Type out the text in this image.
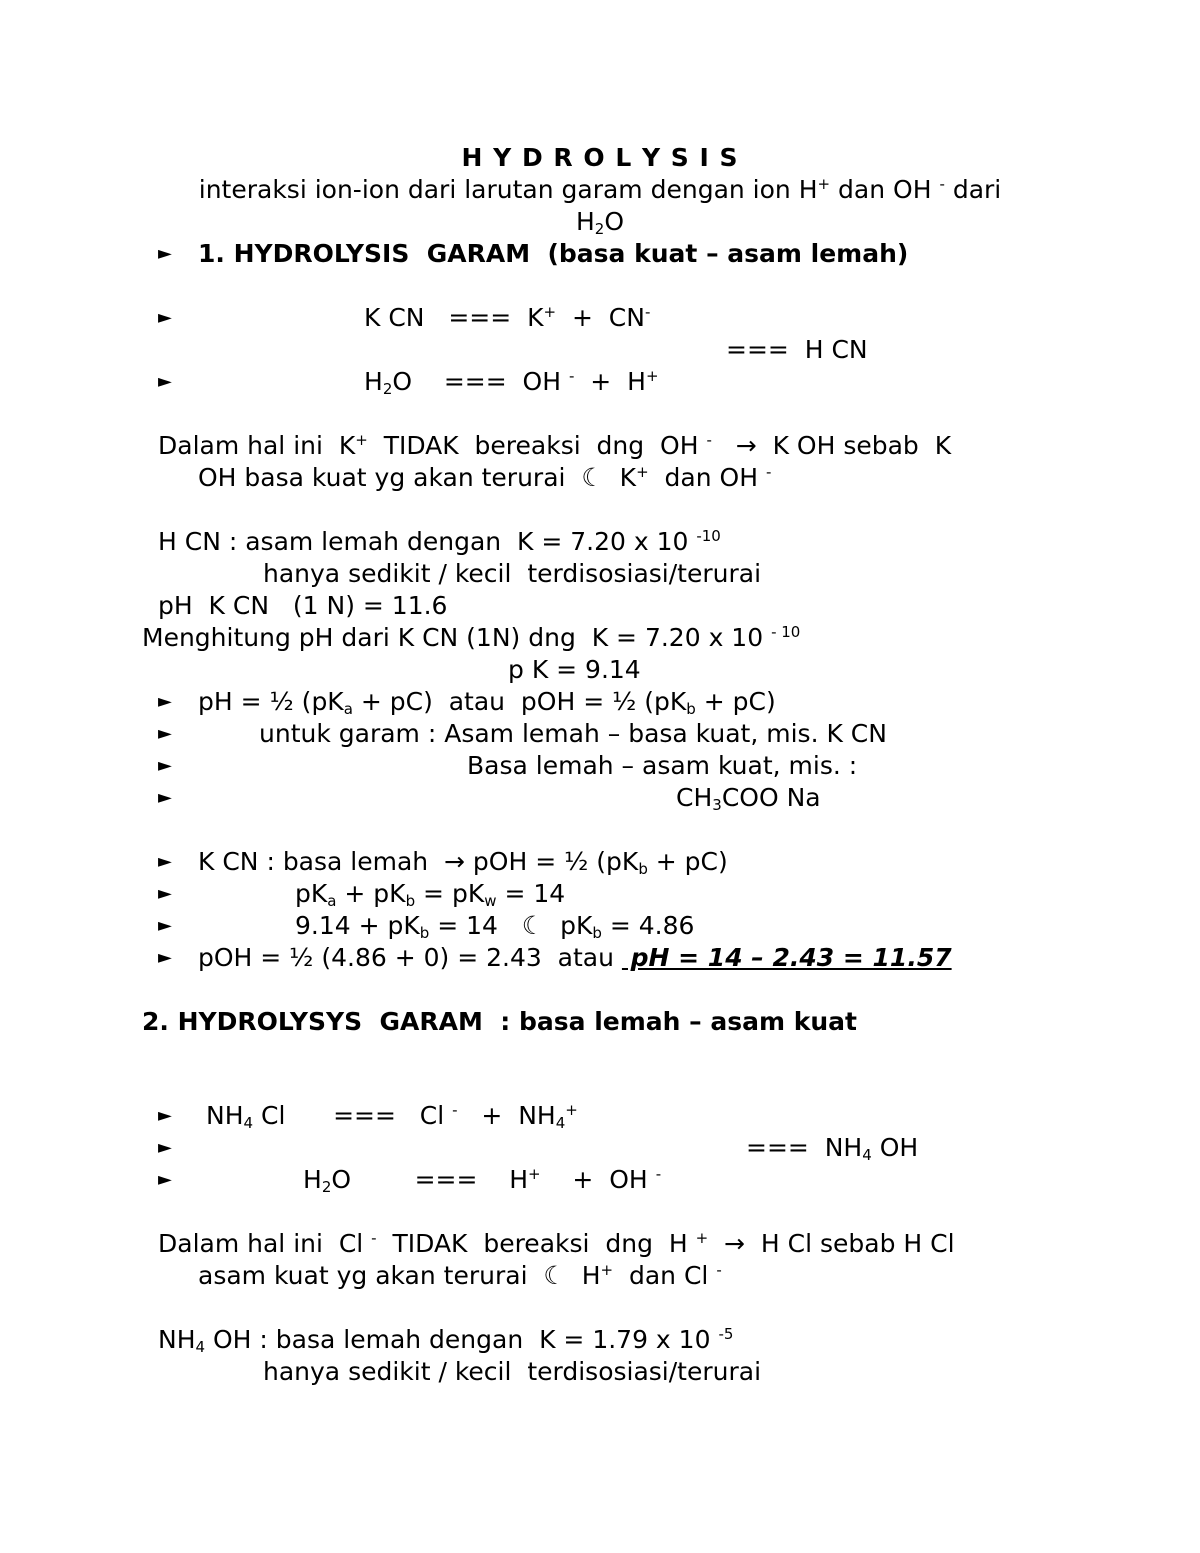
H Y D R O L Y S I S
interaksi ion-ion dari larutan garam dengan ion H+ dan OH - dari
$H_2O$
► 1. HYDROLYSIS  GARAM  (basa kuat – asam lemah)
►	K CN   ===  K+  +  CN-
===  H CN
►	$H_2O$    ===  OH -  +  H+
Dalam hal ini  K+  TIDAK  bereaksi  dng  OH -   →  K OH sebab  K
OH basa kuat yg akan terurai  ☾  K+  dan OH -
H CN : asam lemah dengan  K = 7.20 x 10 $^{-10}$
hanya sedikit / kecil  terdisosiasi/terurai
pH  K CN   (1 N) = 11.6
Menghitung pH dari K CN (1N) dng  K = 7.20 x 10 $^{- 10}$
p K = 9.14
► pH = ½ $(pK_a + pC)$  atau  pOH = ½ $(pK_b + pC)$
►	untuk garam : Asam lemah – basa kuat, mis. K CN
►	Basa lemah – asam kuat, mis. :
►	$CH_3COO$ Na
► K CN : basa lemah  → pOH = ½ $(pK_b + pC)$
►	$pK_a + pK_b = pK_w = 14$
►	$9.14 + pK_b = 14$   ☾  $pK_b = 4.86$
► pOH = ½ (4.86 + 0) = 2.43  atau  pH = 14 – 2.43 = 11.57
2. HYDROLYSYS  GARAM  : basa lemah – asam kuat
► $NH_4$ Cl      ===   Cl $^- + NH_4^+$
►	===  $NH_4$ OH
►	$H_2O$        ===    H+    +  OH -
Dalam hal ini  Cl -  TIDAK  bereaksi  dng  H +  →  H Cl sebab H Cl
asam kuat yg akan terurai  ☾  H+  dan Cl -
$NH_4$ OH : basa lemah dengan  K = 1.79 x 10 $^{-5}$
hanya sedikit / kecil  terdisosiasi/terurai
